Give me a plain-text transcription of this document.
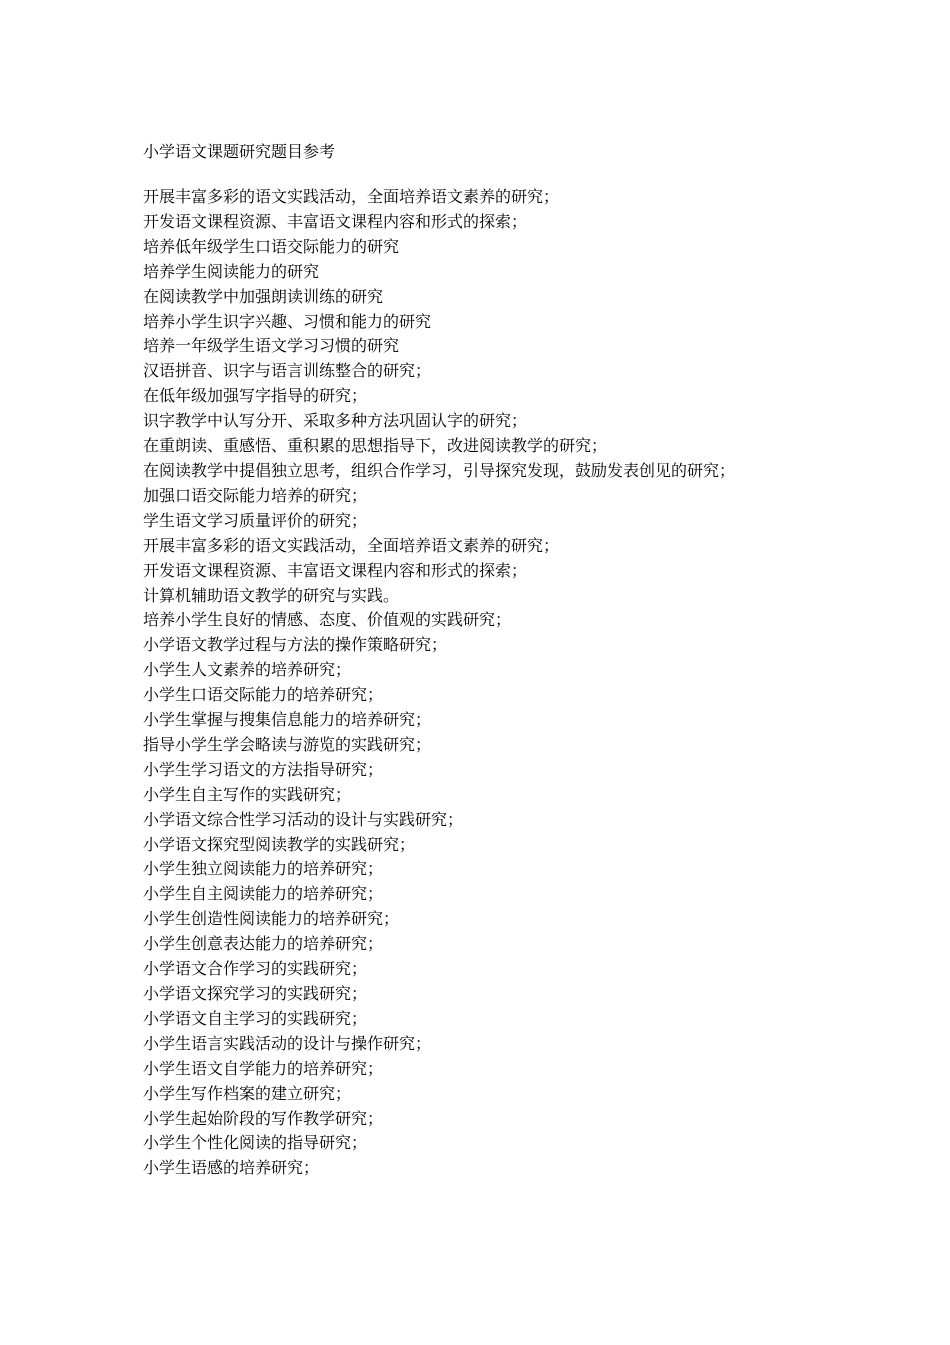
小学语文课题研究题目参考
开展丰富多彩的语文实践活动，全面培养语文素养的研究；
开发语文课程资源、丰富语文课程内容和形式的探索；
培养低年级学生口语交际能力的研究
培养学生阅读能力的研究
在阅读教学中加强朗读训练的研究
培养小学生识字兴趣、习惯和能力的研究
培养一年级学生语文学习习惯的研究
汉语拼音、识字与语言训练整合的研究；
在低年级加强写字指导的研究；
识字教学中认写分开、采取多种方法巩固认字的研究；
在重朗读、重感悟、重积累的思想指导下，改进阅读教学的研究；
在阅读教学中提倡独立思考，组织合作学习，引导探究发现，鼓励发表创见的研究；
加强口语交际能力培养的研究；
学生语文学习质量评价的研究；
开展丰富多彩的语文实践活动，全面培养语文素养的研究；
开发语文课程资源、丰富语文课程内容和形式的探索；
计算机辅助语文教学的研究与实践。
培养小学生良好的情感、态度、价值观的实践研究；
小学语文教学过程与方法的操作策略研究；
小学生人文素养的培养研究；
小学生口语交际能力的培养研究；
小学生掌握与搜集信息能力的培养研究；
指导小学生学会略读与游览的实践研究；
小学生学习语文的方法指导研究；
小学生自主写作的实践研究；
小学语文综合性学习活动的设计与实践研究；
小学语文探究型阅读教学的实践研究；
小学生独立阅读能力的培养研究；
小学生自主阅读能力的培养研究；
小学生创造性阅读能力的培养研究；
小学生创意表达能力的培养研究；
小学语文合作学习的实践研究；
小学语文探究学习的实践研究；
小学语文自主学习的实践研究；
小学生语言实践活动的设计与操作研究；
小学生语文自学能力的培养研究；
小学生写作档案的建立研究；
小学生起始阶段的写作教学研究；
小学生个性化阅读的指导研究；
小学生语感的培养研究；
